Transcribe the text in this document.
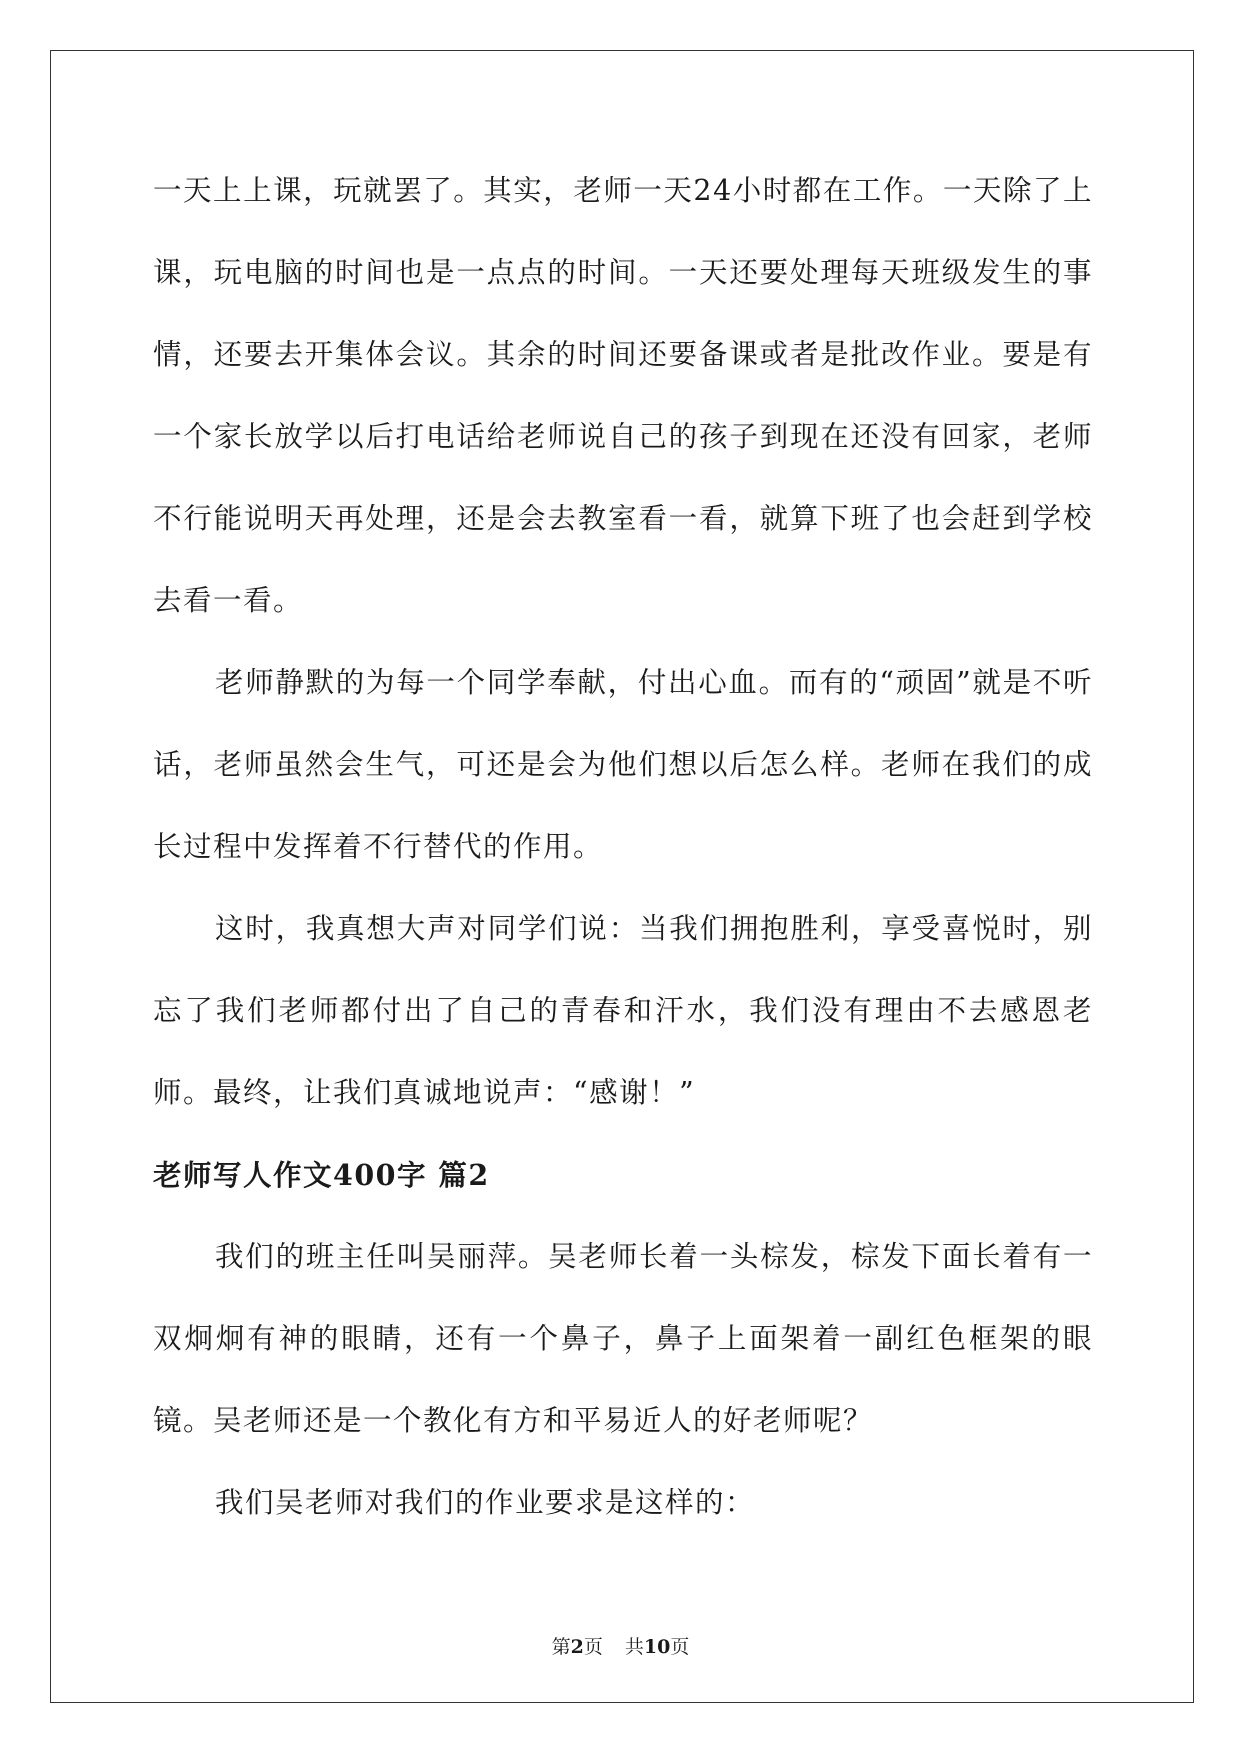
一天上上课，玩就罢了。其实，老师一天24小时都在工作。一天除了上课，玩电脑的时间也是一点点的时间。一天还要处理每天班级发生的事情，还要去开集体会议。其余的时间还要备课或者是批改作业。要是有一个家长放学以后打电话给老师说自己的孩子到现在还没有回家，老师不行能说明天再处理，还是会去教室看一看，就算下班了也会赶到学校去看一看。

老师静默的为每一个同学奉献，付出心血。而有的“顽固”就是不听话，老师虽然会生气，可还是会为他们想以后怎么样。老师在我们的成长过程中发挥着不行替代的作用。

这时，我真想大声对同学们说：当我们拥抱胜利，享受喜悦时，别忘了我们老师都付出了自己的青春和汗水，我们没有理由不去感恩老师。最终，让我们真诚地说声：“感谢！”

老师写人作文400字 篇2

我们的班主任叫吴丽萍。吴老师长着一头棕发，棕发下面长着有一双炯炯有神的眼睛，还有一个鼻子，鼻子上面架着一副红色框架的眼镜。吴老师还是一个教化有方和平易近人的好老师呢？

我们吴老师对我们的作业要求是这样的：

第2页 共10页
